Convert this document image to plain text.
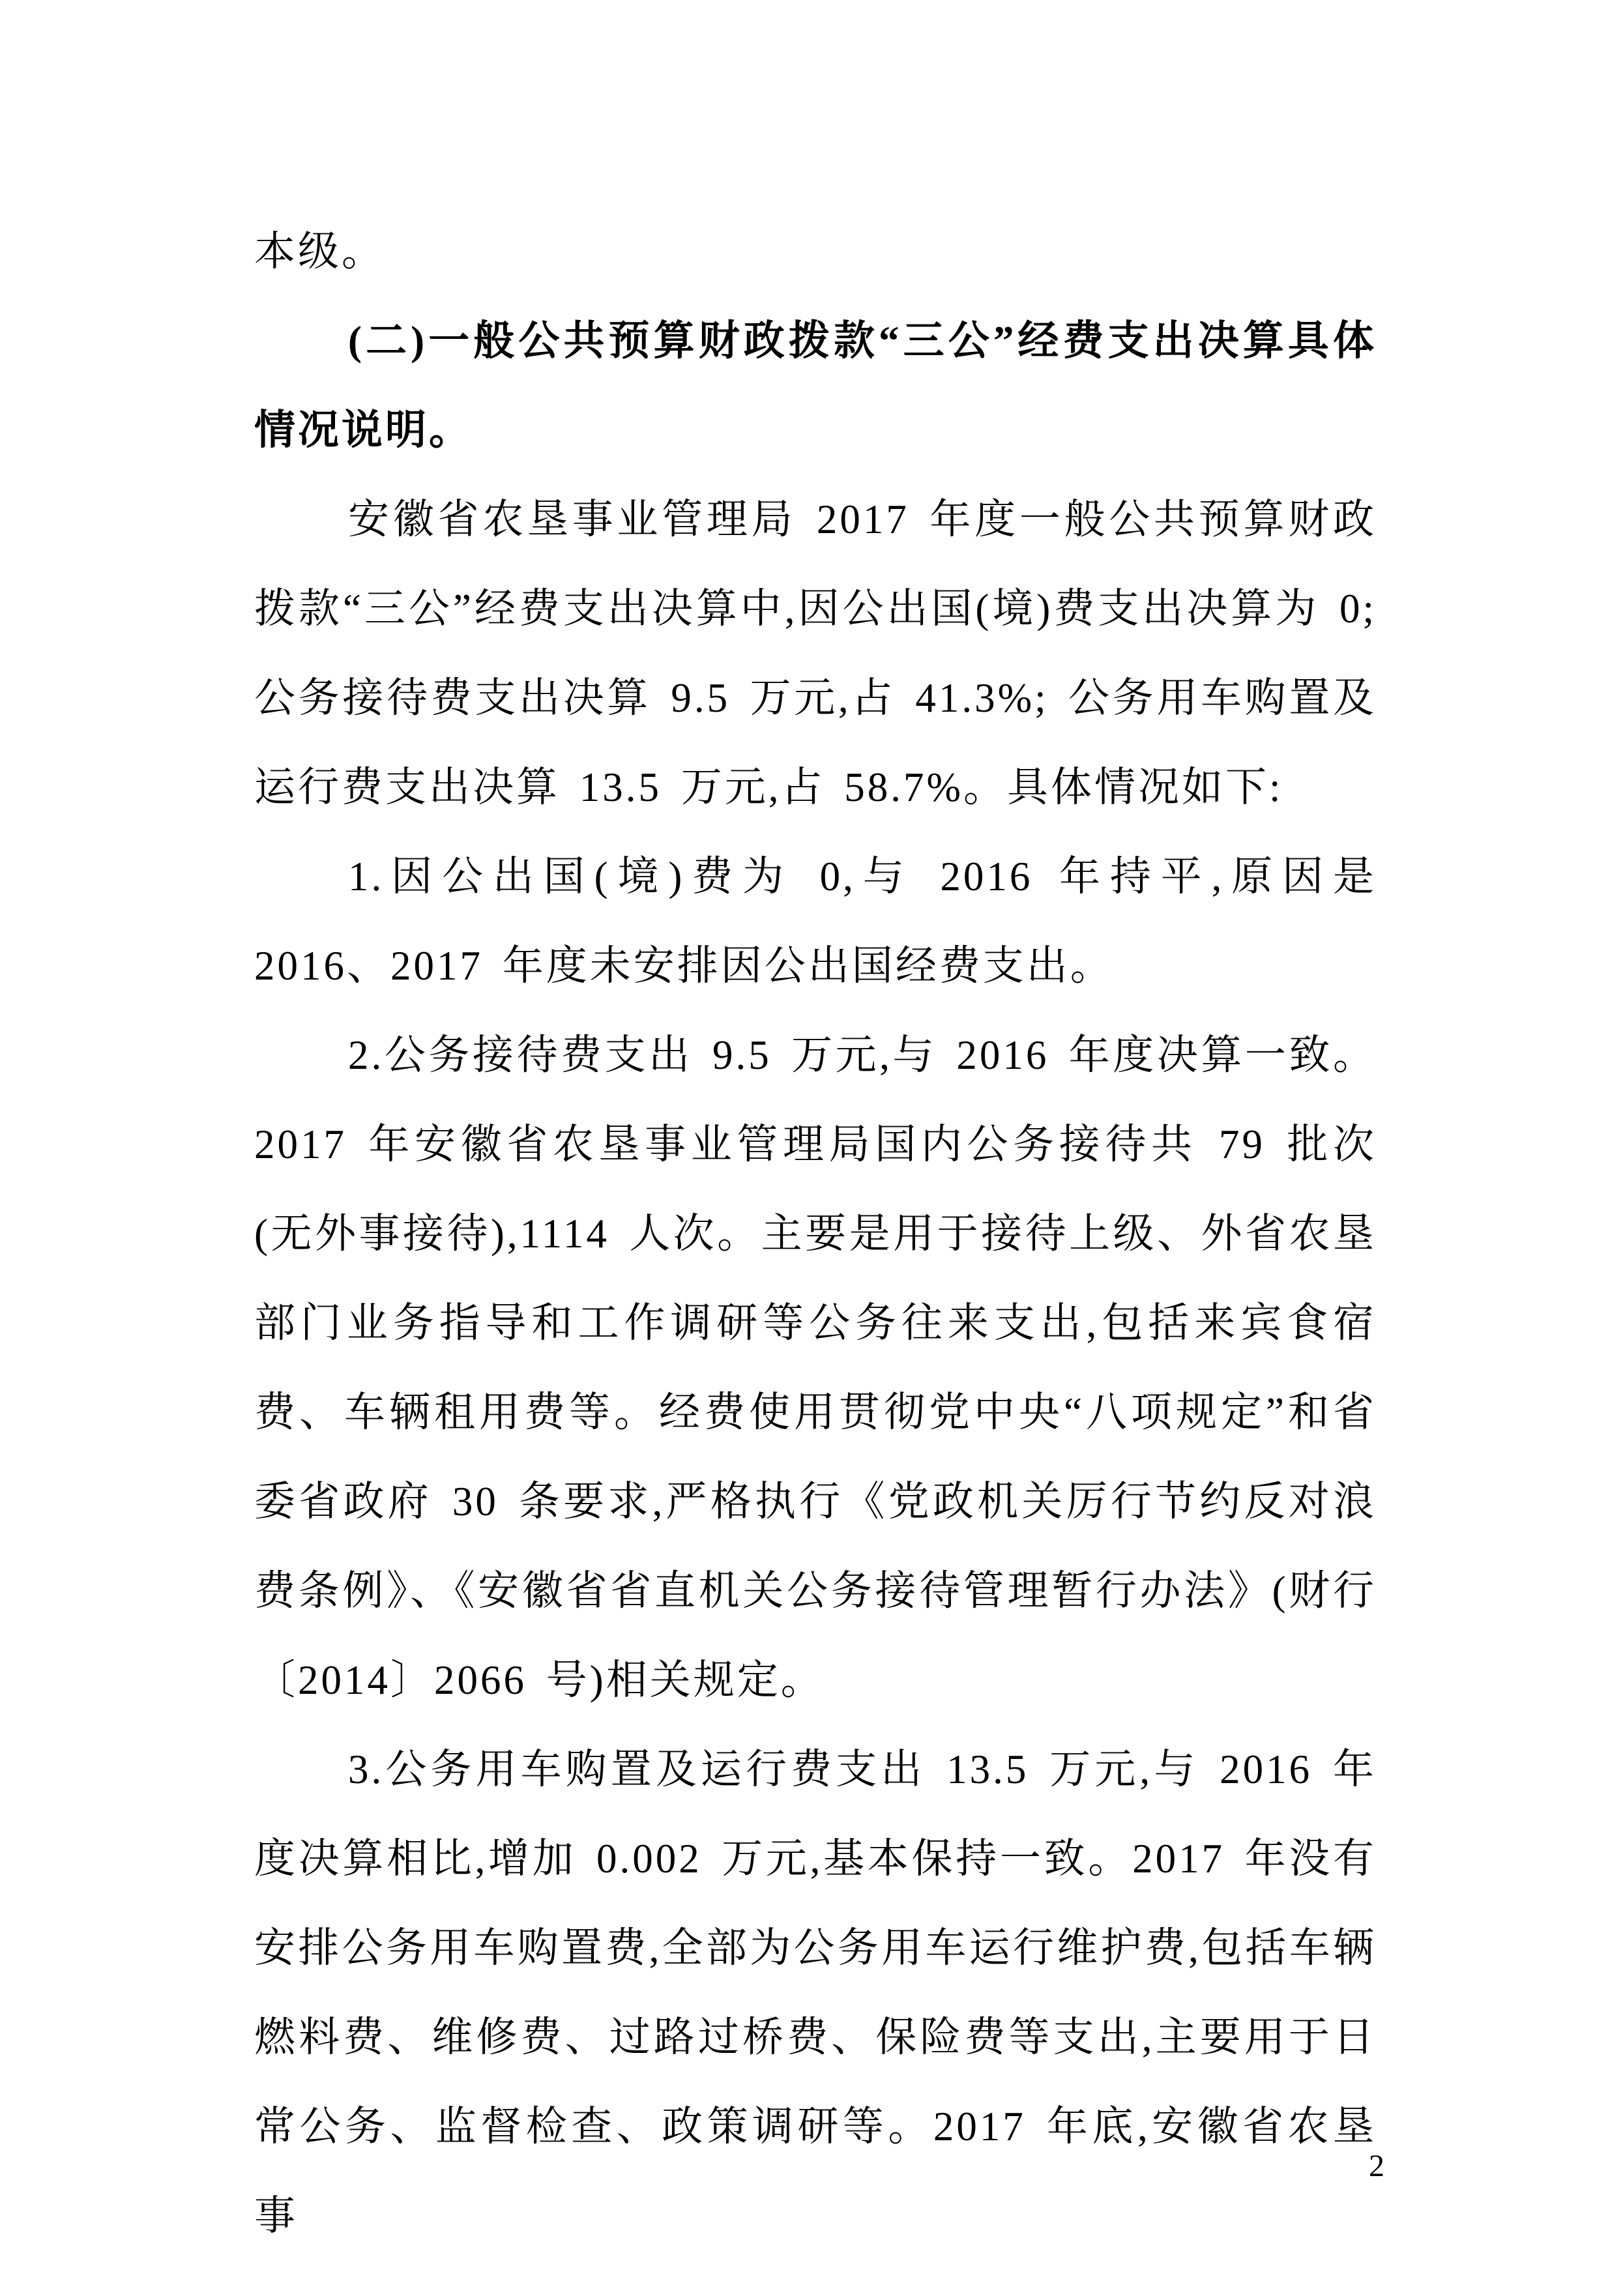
本级。

(二)一般公共预算财政拨款“三公”经费支出决算具体情况说明。

安徽省农垦事业管理局 2017 年度一般公共预算财政拨款“三公”经费支出决算中,因公出国(境)费支出决算为 0; 公务接待费支出决算 9.5 万元,占 41.3%; 公务用车购置及运行费支出决算 13.5 万元,占 58.7%。具体情况如下:

1.因公出国(境)费为 0,与 2016 年持平,原因是 2016、2017 年度未安排因公出国经费支出。

2.公务接待费支出 9.5 万元,与 2016 年度决算一致。2017 年安徽省农垦事业管理局国内公务接待共 79 批次(无外事接待),1114 人次。主要是用于接待上级、外省农垦部门业务指导和工作调研等公务往来支出,包括来宾食宿费、车辆租用费等。经费使用贯彻党中央“八项规定”和省委省政府 30 条要求,严格执行《党政机关厉行节约反对浪费条例》、《安徽省省直机关公务接待管理暂行办法》(财行〔2014〕2066 号)相关规定。

3.公务用车购置及运行费支出 13.5 万元,与 2016 年度决算相比,增加 0.002 万元,基本保持一致。2017 年没有安排公务用车购置费,全部为公务用车运行维护费,包括车辆燃料费、维修费、过路过桥费、保险费等支出,主要用于日常公务、监督检查、政策调研等。2017 年底,安徽省农垦事

2
